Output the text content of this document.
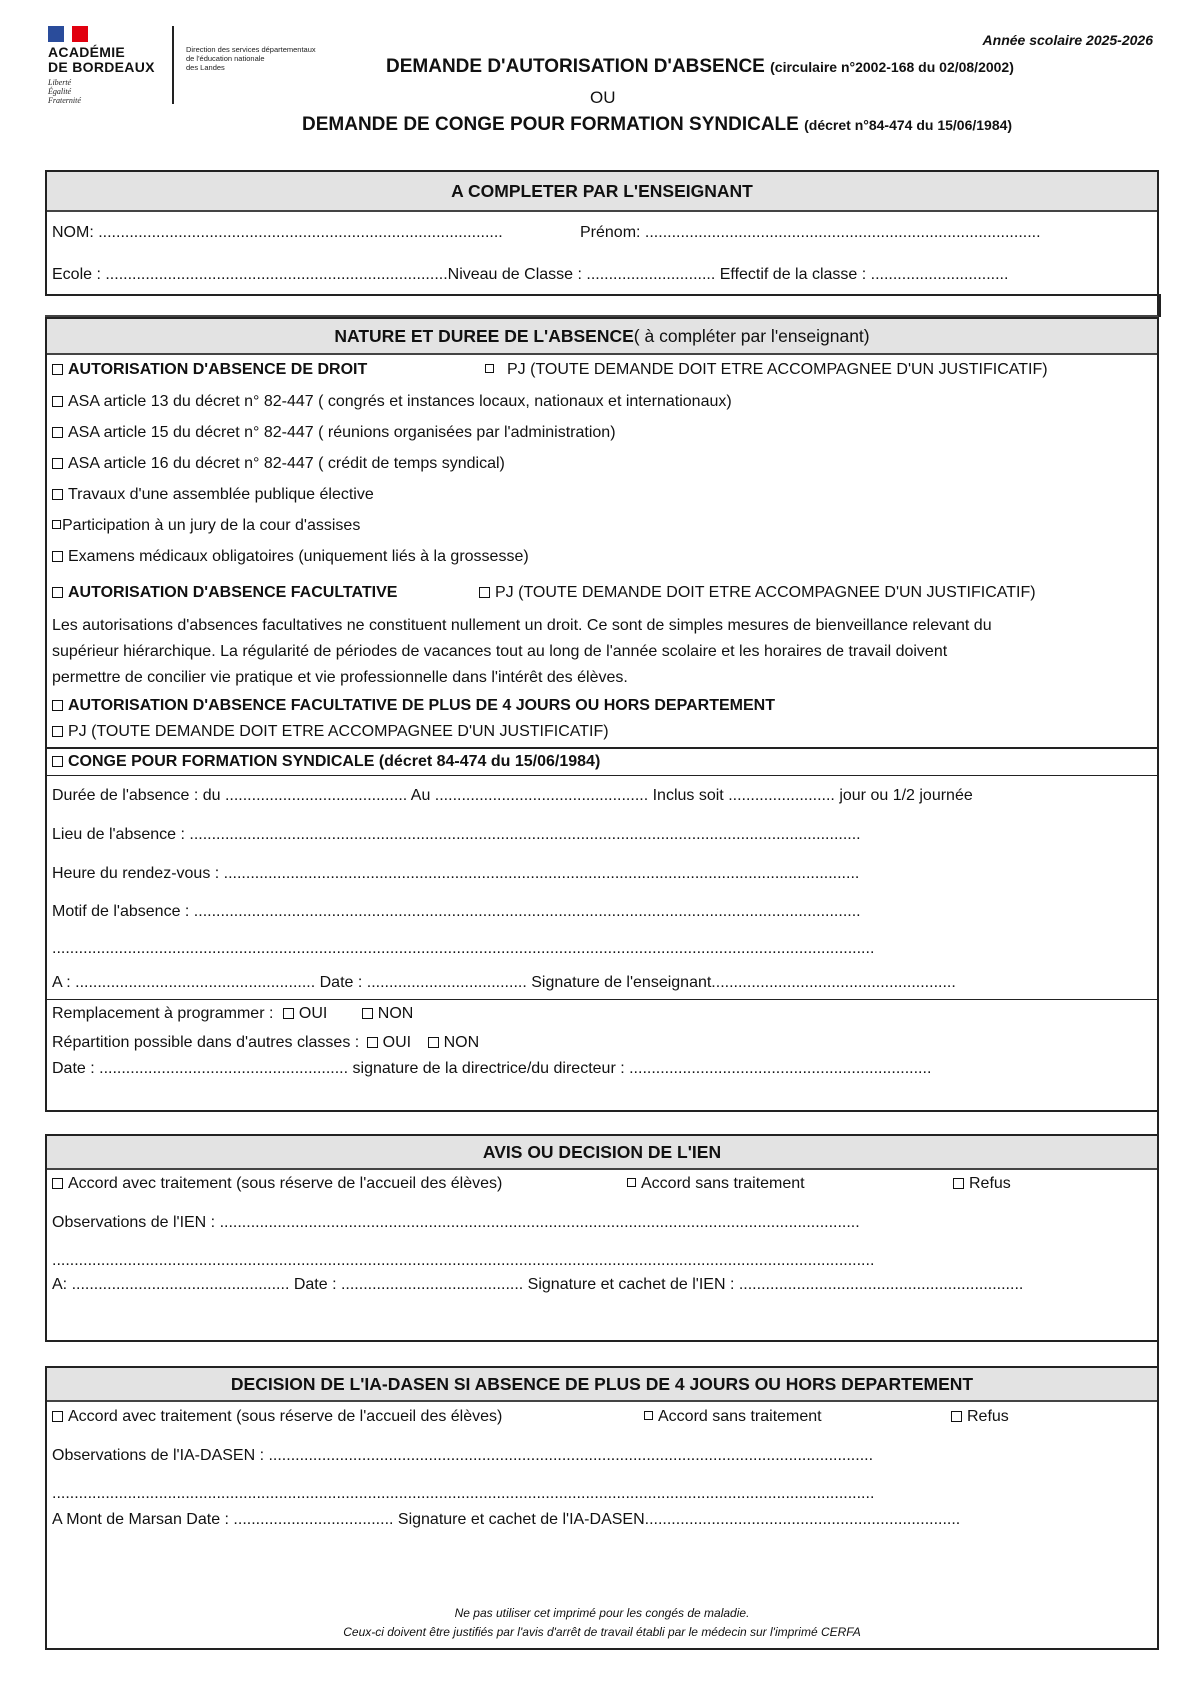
ACADÉMIE
DE BORDEAUX
Liberté
Égalité
Fraternité
Direction des services départementaux
de l'éducation nationale
des Landes
Année scolaire 2025-2026
DEMANDE D'AUTORISATION D'ABSENCE (circulaire n°2002-168 du 02/08/2002)
OU
DEMANDE DE CONGE POUR FORMATION SYNDICALE (décret n°84-474 du 15/06/1984)
A COMPLETER PAR L'ENSEIGNANT
NOM: ...........................................................................................	Prénom: .........................................................................................
Ecole : .............................................................................Niveau de Classe : ............................. Effectif de la classe : ...............................
NATURE ET DUREE DE L'ABSENCE ( à compléter par l'enseignant)
AUTORISATION D'ABSENCE DE DROIT	PJ (TOUTE DEMANDE DOIT ETRE ACCOMPAGNEE D'UN JUSTIFICATIF)
ASA article 13 du décret n° 82-447 ( congrés et instances locaux, nationaux et internationaux)
ASA article 15 du décret n° 82-447 ( réunions organisées par l'administration)
ASA article 16 du décret n° 82-447 ( crédit de temps syndical)
Travaux d'une assemblée publique élective
Participation à un jury de la cour d'assises
Examens médicaux obligatoires (uniquement liés à la grossesse)
AUTORISATION D'ABSENCE FACULTATIVE	PJ (TOUTE DEMANDE DOIT ETRE ACCOMPAGNEE D'UN JUSTIFICATIF)
Les autorisations d'absences facultatives ne constituent nullement un droit. Ce sont de simples mesures de bienveillance relevant du
supérieur hiérarchique. La régularité de périodes de vacances tout au long de l'année scolaire et les horaires de travail doivent
permettre de concilier vie pratique et vie professionnelle dans l'intérêt des élèves.
AUTORISATION D'ABSENCE FACULTATIVE DE PLUS DE 4 JOURS OU HORS DEPARTEMENT
PJ (TOUTE DEMANDE DOIT ETRE ACCOMPAGNEE D'UN JUSTIFICATIF)
CONGE POUR FORMATION SYNDICALE (décret 84-474 du 15/06/1984)
Durée de l'absence : du ......................................... Au ................................................ Inclus soit ........................ jour ou 1/2 journée
Lieu de l'absence : .......................................................................................................................................................
Heure du rendez-vous : ...............................................................................................................................................
Motif de l'absence : ......................................................................................................................................................
.........................................................................................................................................................................................
A : ...................................................... Date : .................................... Signature de l'enseignant.......................................................
Remplacement à programmer : OUI	NON
Répartition possible dans d'autres classes : OUI NON
Date : ........................................................ signature de la directrice/du directeur : ....................................................................
AVIS OU DECISION DE L'IEN
Accord avec traitement (sous réserve de l'accueil des élèves)	Accord sans traitement	Refus
Observations de l'IEN : ................................................................................................................................................
.........................................................................................................................................................................................
A: ................................................. Date : ......................................... Signature et cachet de l'IEN : ................................................................
DECISION DE L'IA-DASEN SI ABSENCE DE PLUS DE 4 JOURS OU HORS DEPARTEMENT
Accord avec traitement (sous réserve de l'accueil des élèves)	Accord sans traitement	Refus
Observations de l'IA-DASEN : ........................................................................................................................................
.........................................................................................................................................................................................
A Mont de Marsan Date : .................................... Signature et cachet de l'IA-DASEN.......................................................................
Ne pas utiliser cet imprimé pour les congés de maladie.
Ceux-ci doivent être justifiés par l'avis d'arrêt de travail établi par le médecin sur l'imprimé CERFA
